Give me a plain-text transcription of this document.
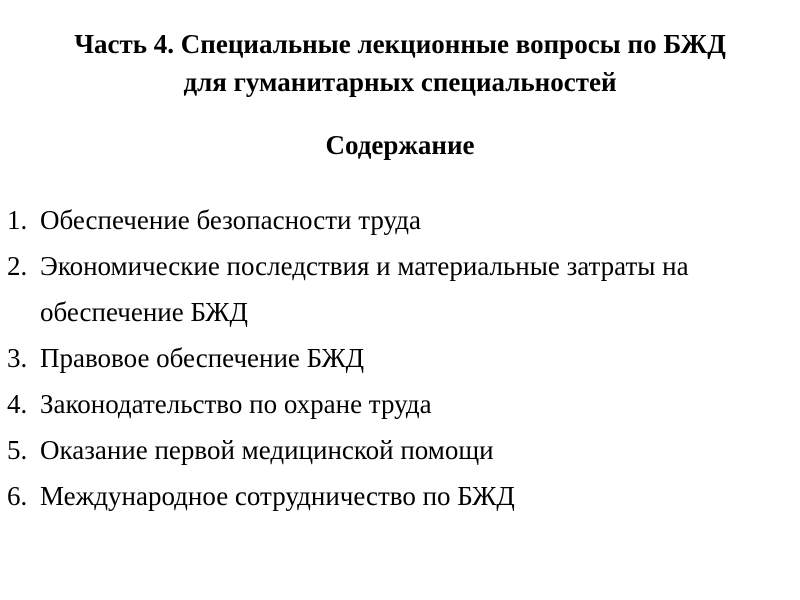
Часть 4. Специальные лекционные вопросы по БЖД
для гуманитарных специальностей
Содержание
1. Обеспечение безопасности труда
2. Экономические последствия и материальные затраты на обеспечение БЖД
3. Правовое обеспечение БЖД
4. Законодательство по охране труда
5. Оказание первой медицинской помощи
6. Международное сотрудничество по БЖД
